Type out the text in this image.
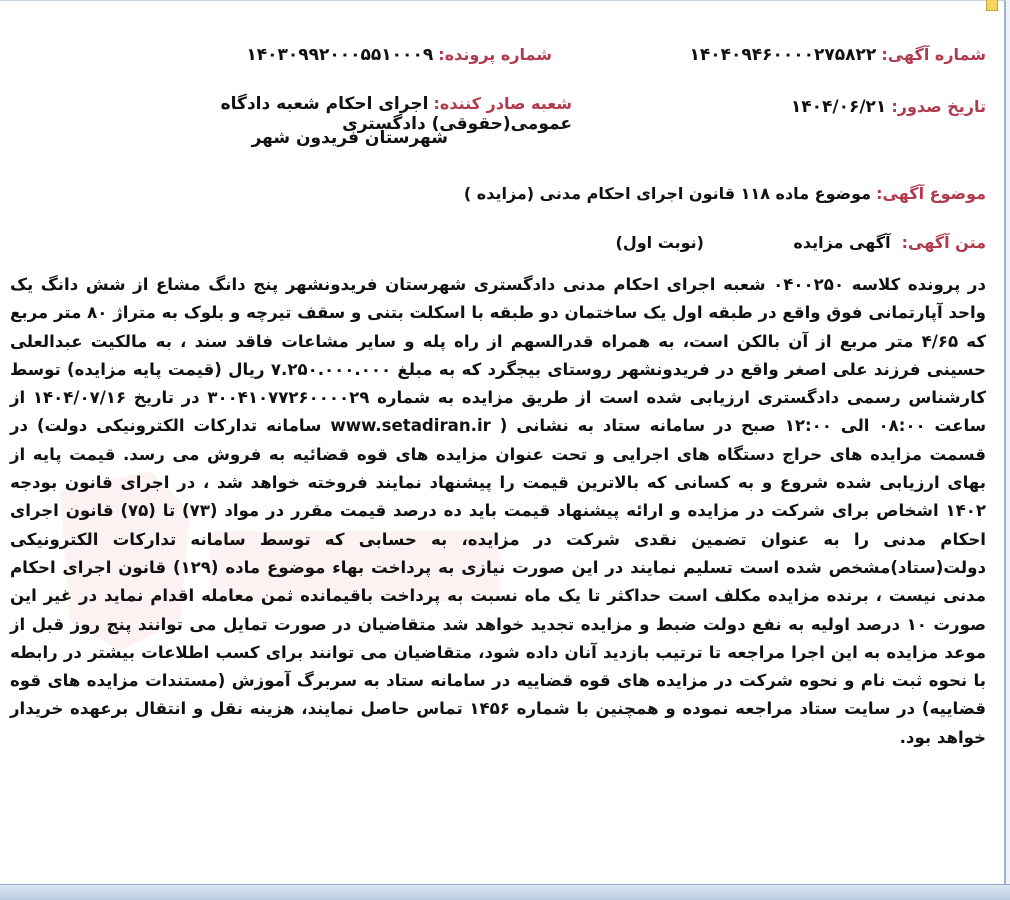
شماره آگهی: ۱۴۰۴۰۹۴۶۰۰۰۰۲۷۵۸۲۲
شماره پرونده: ۱۴۰۳۰۹۹۲۰۰۰۵۵۱۰۰۰۹
تاریخ صدور: ۱۴۰۴/۰۶/۲۱
شعبه صادر کننده: اجرای احکام شعبه دادگاه عمومی(حقوقی) دادگستری
شهرستان فریدون شهر
موضوع آگهی: موضوع ماده ۱۱۸ قانون اجرای احکام مدنی (مزایده )
متن آگهی: آگهی مزایده
(نوبت اول)
در پرونده کلاسه ۰۴۰۰۲۵۰ شعبه اجرای احکام مدنی دادگستری شهرستان فریدونشهر پنج دانگ مشاع از شش دانگ یک واحد آپارتمانی فوق واقع در طبقه اول یک ساختمان دو طبقه با اسکلت بتنی و سقف تیرچه و بلوک به متراژ ۸۰ متر مربع که ۴/۶۵ متر مربع از آن بالکن است، به همراه قدرالسهم از راه پله و سایر مشاعات فاقد سند ، به مالکیت عبدالعلی حسینی فرزند علی اصغر واقع در فریدونشهر روستای بیجگرد که به مبلغ ۷.۲۵۰.۰۰۰.۰۰۰ ریال (قیمت پایه مزایده) توسط کارشناس رسمی دادگستری ارزیابی شده است از طریق مزایده به شماره ۳۰۰۴۱۰۷۷۲۶۰۰۰۰۲۹ در تاریخ ۱۴۰۴/۰۷/۱۶ از ساعت ۰۸:۰۰ الی ۱۲:۰۰ صبح در سامانه ستاد به نشانی ( www.setadiran.ir سامانه تدارکات الکترونیکی دولت) در قسمت مزایده های حراج دستگاه های اجرایی و تحت عنوان مزایده های قوه قضائیه به فروش می رسد. قیمت پایه از بهای ارزیابی شده شروع و به کسانی که بالاترین قیمت را پیشنهاد نمایند فروخته خواهد شد ، در اجرای قانون بودجه ۱۴۰۲ اشخاص برای شرکت در مزایده و ارائه پیشنهاد قیمت باید ده درصد قیمت مقرر در مواد (۷۳) تا (۷۵) قانون اجرای احکام مدنی را به عنوان تضمین نقدی شرکت در مزایده، به حسابی که توسط سامانه تدارکات الکترونیکی دولت(ستاد)مشخص شده است تسلیم نمایند در این صورت نیازی به پرداخت بهاء موضوع ماده (۱۲۹) قانون اجرای احکام مدنی نیست ، برنده مزایده مکلف است حداکثر تا یک ماه نسبت به پرداخت باقیمانده ثمن معامله اقدام نماید در غیر این صورت ۱۰ درصد اولیه به نفع دولت ضبط و مزایده تجدید خواهد شد متقاضیان در صورت تمایل می توانند پنج روز قبل از موعد مزایده به این اجرا مراجعه تا ترتیب بازدید آنان داده شود، متقاضیان می توانند برای کسب اطلاعات بیشتر در رابطه با نحوه ثبت نام و نحوه شرکت در مزایده های قوه قضاییه در سامانه ستاد به سربرگ آموزش (مستندات مزایده های قوه قضاییه) در سایت ستاد مراجعه نموده و همچنین با شماره ۱۴۵۶ تماس حاصل نمایند، هزینه نقل و انتقال برعهده خریدار خواهد بود.
